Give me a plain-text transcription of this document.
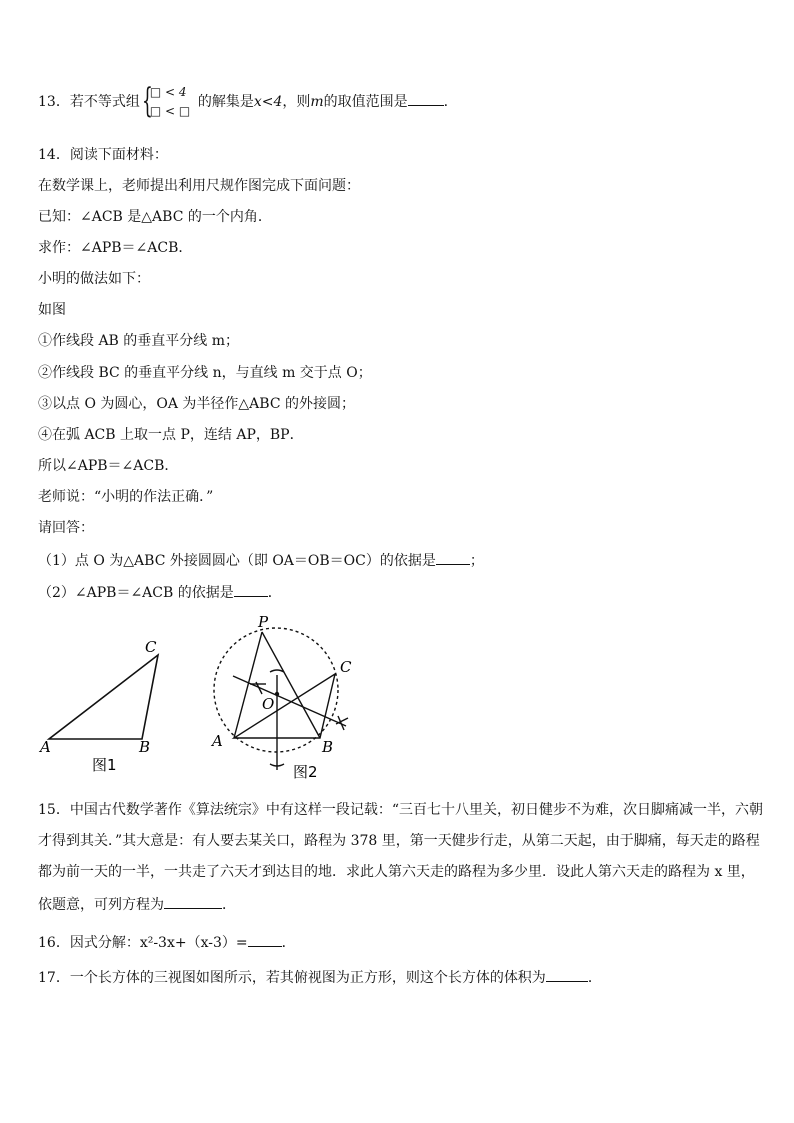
13．若不等式组 {
□ < 4
□ < □
的解集是x<4，则m的取值范围是	.
14．阅读下面材料：
在数学课上，老师提出利用尺规作图完成下面问题：
已知：∠ACB 是△ABC 的一个内角．
求作：∠APB＝∠ACB．
小明的做法如下：
如图
①作线段 AB 的垂直平分线 m；
②作线段 BC 的垂直平分线 n，与直线 m 交于点 O；
③以点 O 为圆心，OA 为半径作△ABC 的外接圆；
④在弧 ACB 上取一点 P，连结 AP，BP．
所以∠APB＝∠ACB．
老师说：“小明的作法正确．”
请回答：
（1）点 O 为△ABC 外接圆圆心（即 OA＝OB＝OC）的依据是 ；
（2）∠APB＝∠ACB 的依据是 ．
A	B
C
图1
P
C
O
A	B
图2
15．中国古代数学著作《算法统宗》中有这样一段记载：“三百七十八里关，初日健步不为难，次日脚痛减一半，六朝
才得到其关．”其大意是：有人要去某关口，路程为 378 里，第一天健步行走，从第二天起，由于脚痛，每天走的路程
都为前一天的一半，一共走了六天才到达目的地．求此人第六天走的路程为多少里．设此人第六天走的路程为 x 里，
依题意，可列方程为	．
16．因式分解：x²-3x+（x-3）= ．
17．一个长方体的三视图如图所示，若其俯视图为正方形，则这个长方体的体积为	．
